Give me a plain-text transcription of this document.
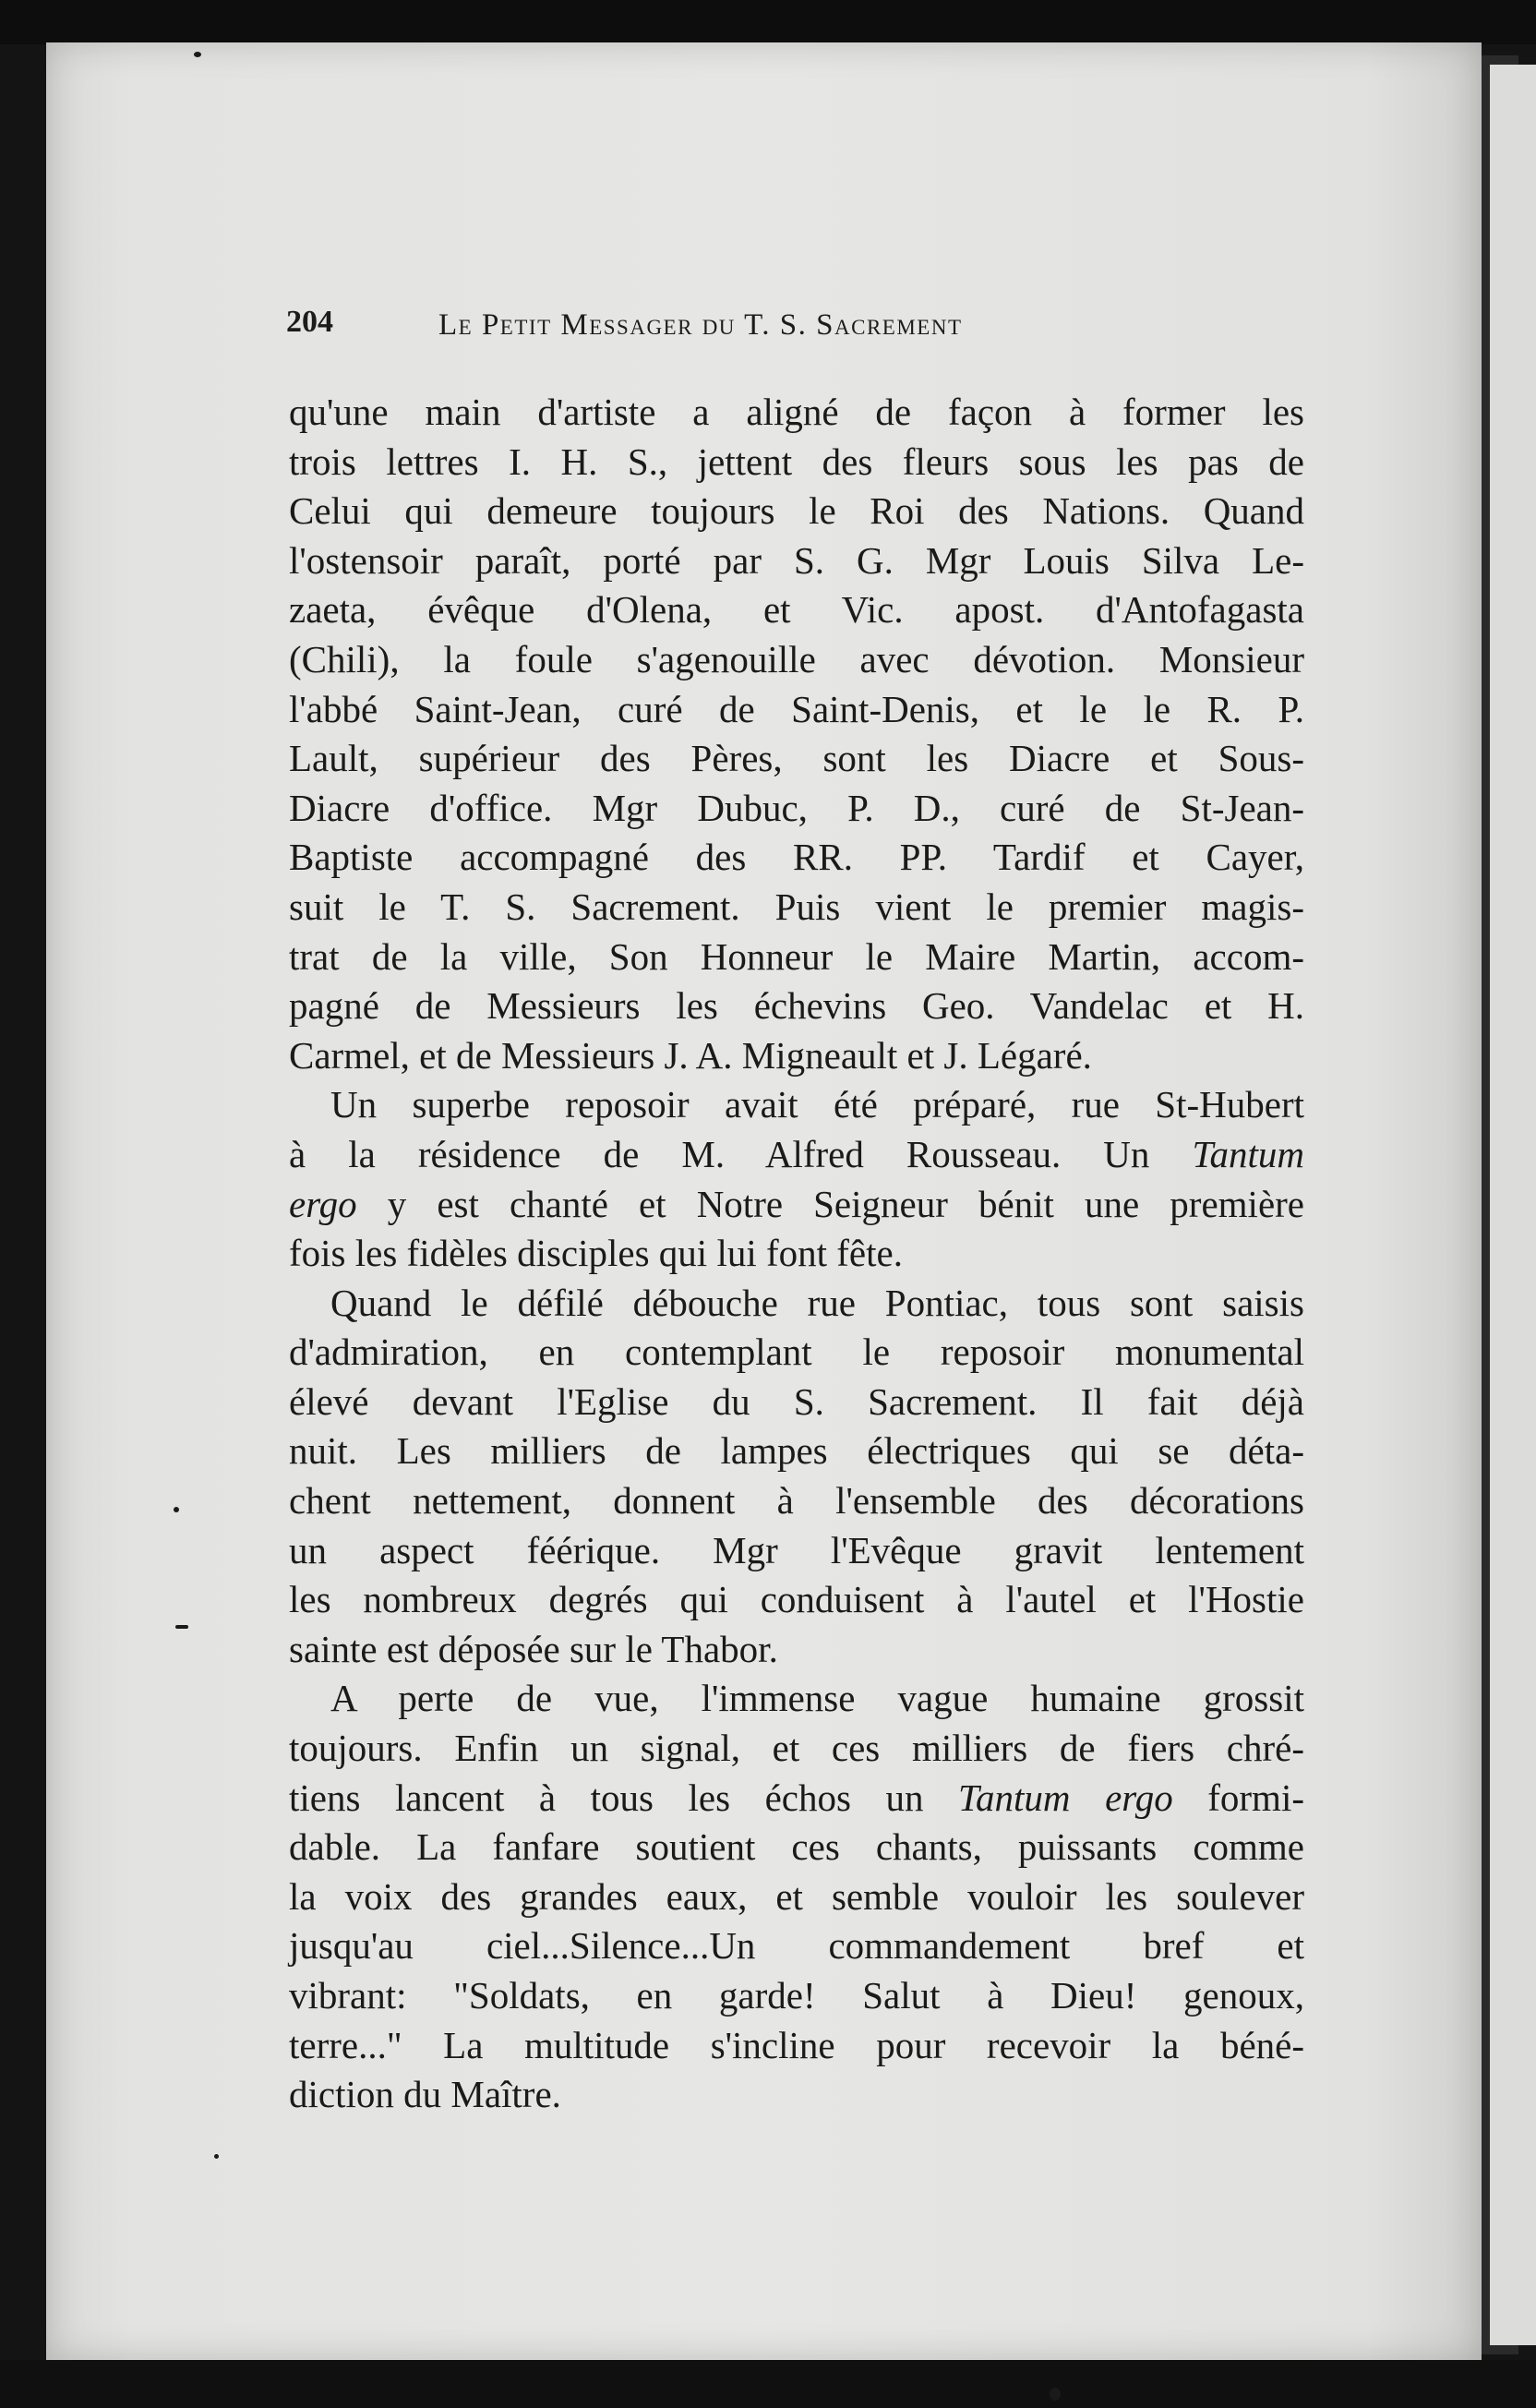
204	Le Petit Messager du T. S. Sacrement
qu'une main d'artiste a aligné de façon à former les
trois lettres I. H. S., jettent des fleurs sous les pas de
Celui qui demeure toujours le Roi des Nations. Quand
l'ostensoir paraît, porté par S. G. Mgr Louis Silva Le-
zaeta, évêque d'Olena, et Vic. apost. d'Antofagasta
(Chili), la foule s'agenouille avec dévotion. Monsieur
l'abbé Saint-Jean, curé de Saint-Denis, et le le R. P.
Lault, supérieur des Pères, sont les Diacre et Sous-
Diacre d'office. Mgr Dubuc, P. D., curé de St-Jean-
Baptiste accompagné des RR. PP. Tardif et Cayer,
suit le T. S. Sacrement. Puis vient le premier magis-
trat de la ville, Son Honneur le Maire Martin, accom-
pagné de Messieurs les échevins Geo. Vandelac et H.
Carmel, et de Messieurs J. A. Migneault et J. Légaré.
Un superbe reposoir avait été préparé, rue St-Hubert
à la résidence de M. Alfred Rousseau. Un Tantum
ergo y est chanté et Notre Seigneur bénit une première
fois les fidèles disciples qui lui font fête.
Quand le défilé débouche rue Pontiac, tous sont saisis
d'admiration, en contemplant le reposoir monumental
élevé devant l'Eglise du S. Sacrement. Il fait déjà
nuit. Les milliers de lampes électriques qui se déta-
chent nettement, donnent à l'ensemble des décorations
un aspect féérique. Mgr l'Evêque gravit lentement
les nombreux degrés qui conduisent à l'autel et l'Hostie
sainte est déposée sur le Thabor.
A perte de vue, l'immense vague humaine grossit
toujours. Enfin un signal, et ces milliers de fiers chré-
tiens lancent à tous les échos un Tantum ergo formi-
dable. La fanfare soutient ces chants, puissants comme
la voix des grandes eaux, et semble vouloir les soulever
jusqu'au ciel...Silence...Un commandement bref et
vibrant: "Soldats, en garde! Salut à Dieu! genoux,
terre..." La multitude s'incline pour recevoir la béné-
diction du Maître.
